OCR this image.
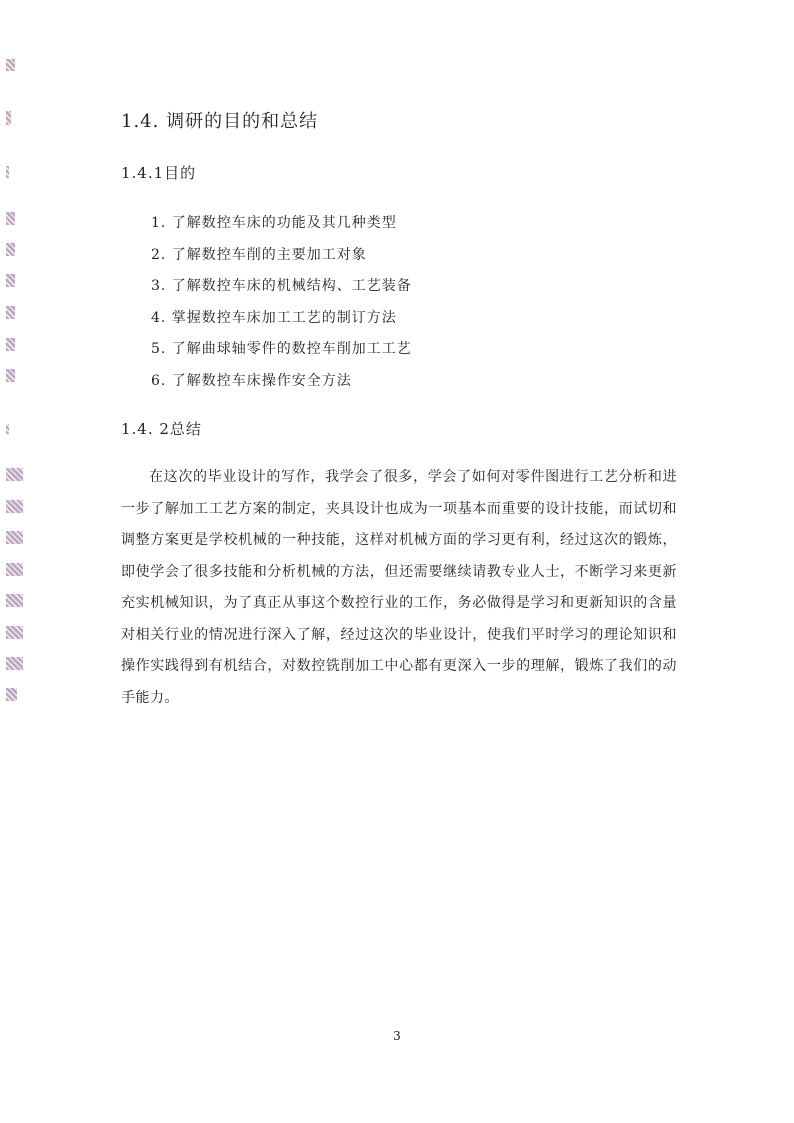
1.4. 调研的目的和总结
1.4.1目的
1. 了解数控车床的功能及其几种类型
2. 了解数控车削的主要加工对象
3. 了解数控车床的机械结构、工艺装备
4. 掌握数控车床加工工艺的制订方法
5. 了解曲球轴零件的数控车削加工工艺
6. 了解数控车床操作安全方法
1.4. 2总结

在这次的毕业设计的写作，我学会了很多，学会了如何对零件图进行工艺分析和进一步了解加工工艺方案的制定，夹具设计也成为一项基本而重要的设计技能，而试切和调整方案更是学校机械的一种技能，这样对机械方面的学习更有利，经过这次的锻炼，即使学会了很多技能和分析机械的方法，但还需要继续请教专业人士，不断学习来更新充实机械知识，为了真正从事这个数控行业的工作，务必做得是学习和更新知识的含量对相关行业的情况进行深入了解，经过这次的毕业设计，使我们平时学习的理论知识和操作实践得到有机结合，对数控铣削加工中心都有更深入一步的理解，锻炼了我们的动手能力。

3
